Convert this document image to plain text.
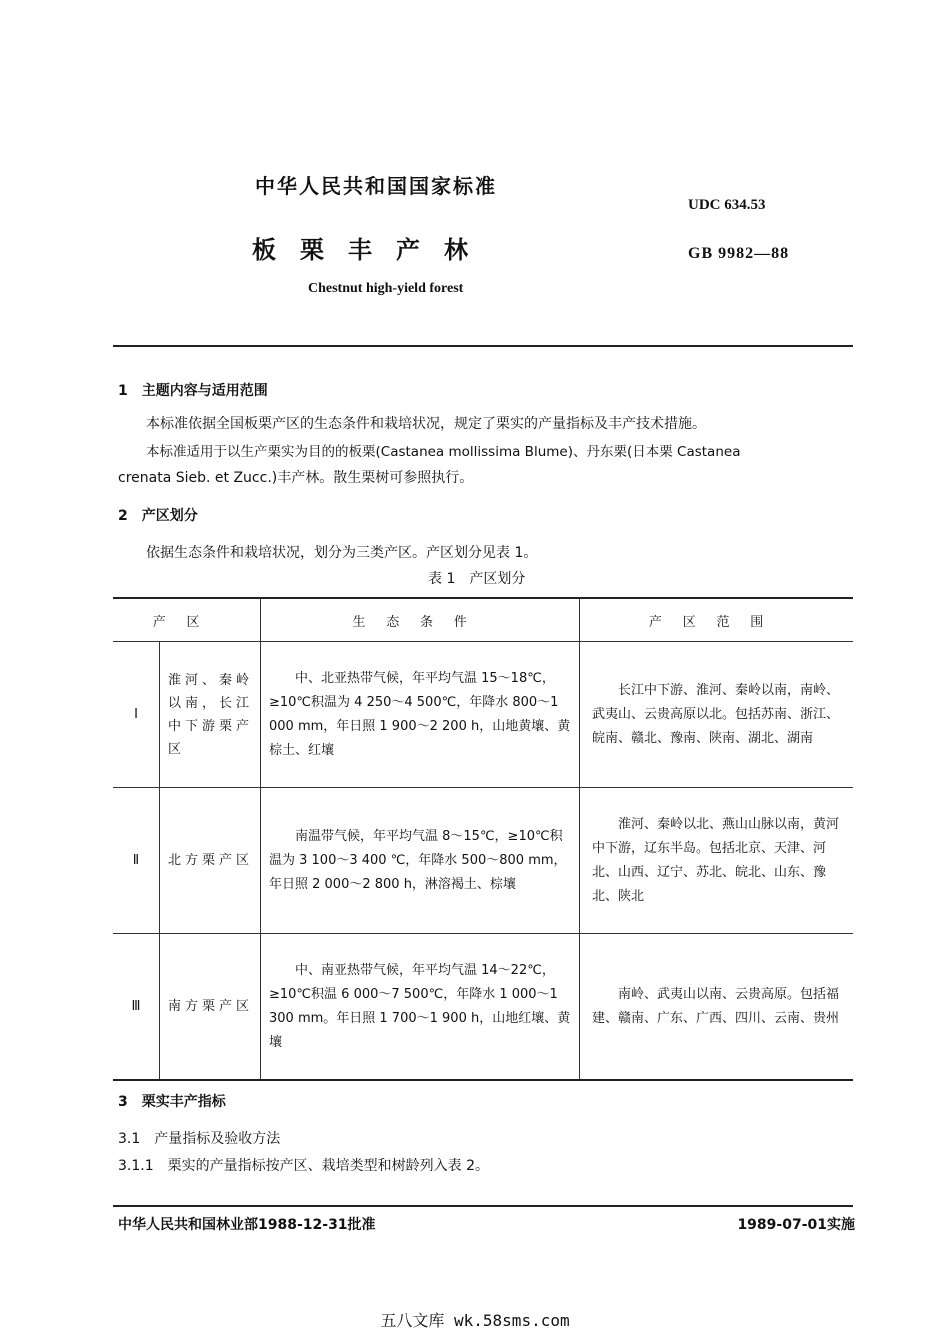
中华人民共和国国家标准
UDC 634.53
板　栗　丰　产　林	GB 9982—88
Chestnut high-yield forest
1　主题内容与适用范围
本标准依据全国板栗产区的生态条件和栽培状况，规定了栗实的产量指标及丰产技术措施。
本标准适用于以生产栗实为目的的板栗(Castanea mollissima Blume)、丹东栗(日本栗 Castanea
crenata Sieb. et Zucc.)丰产林。散生栗树可参照执行。
2　产区划分
依据生态条件和栽培状况，划分为三类产区。产区划分见表 1。
表 1　产区划分
产区		生态条件	产区范围
Ⅰ	淮河、秦岭以南，长江中下游栗产区	中、北亚热带气候，年平均气温 15～18℃，≥10℃积温为 4 250～4 500℃，年降水 800～1 000 mm，年日照 1 900～2 200 h，山地黄壤、黄棕土、红壤	长江中下游、淮河、秦岭以南，南岭、武夷山、云贵高原以北。包括苏南、浙江、皖南、赣北、豫南、陕南、湖北、湖南
Ⅱ	北方栗产区	南温带气候，年平均气温 8～15℃，≥10℃积温为 3 100～3 400 ℃，年降水 500～800 mm，年日照 2 000～2 800 h，淋溶褐土、棕壤	淮河、秦岭以北、燕山山脉以南，黄河中下游，辽东半岛。包括北京、天津、河北、山西、辽宁、苏北、皖北、山东、豫北、陕北
Ⅲ	南方栗产区	中、南亚热带气候，年平均气温 14～22℃，≥10℃积温 6 000～7 500℃，年降水 1 000～1 300 mm。年日照 1 700～1 900 h，山地红壤、黄壤	南岭、武夷山以南、云贵高原。包括福建、赣南、广东、广西、四川、云南、贵州
3　栗实丰产指标
3.1　产量指标及验收方法
3.1.1　栗实的产量指标按产区、栽培类型和树龄列入表 2。
中华人民共和国林业部1988-12-31批准	1989-07-01实施
五八文库 wk.58sms.com
